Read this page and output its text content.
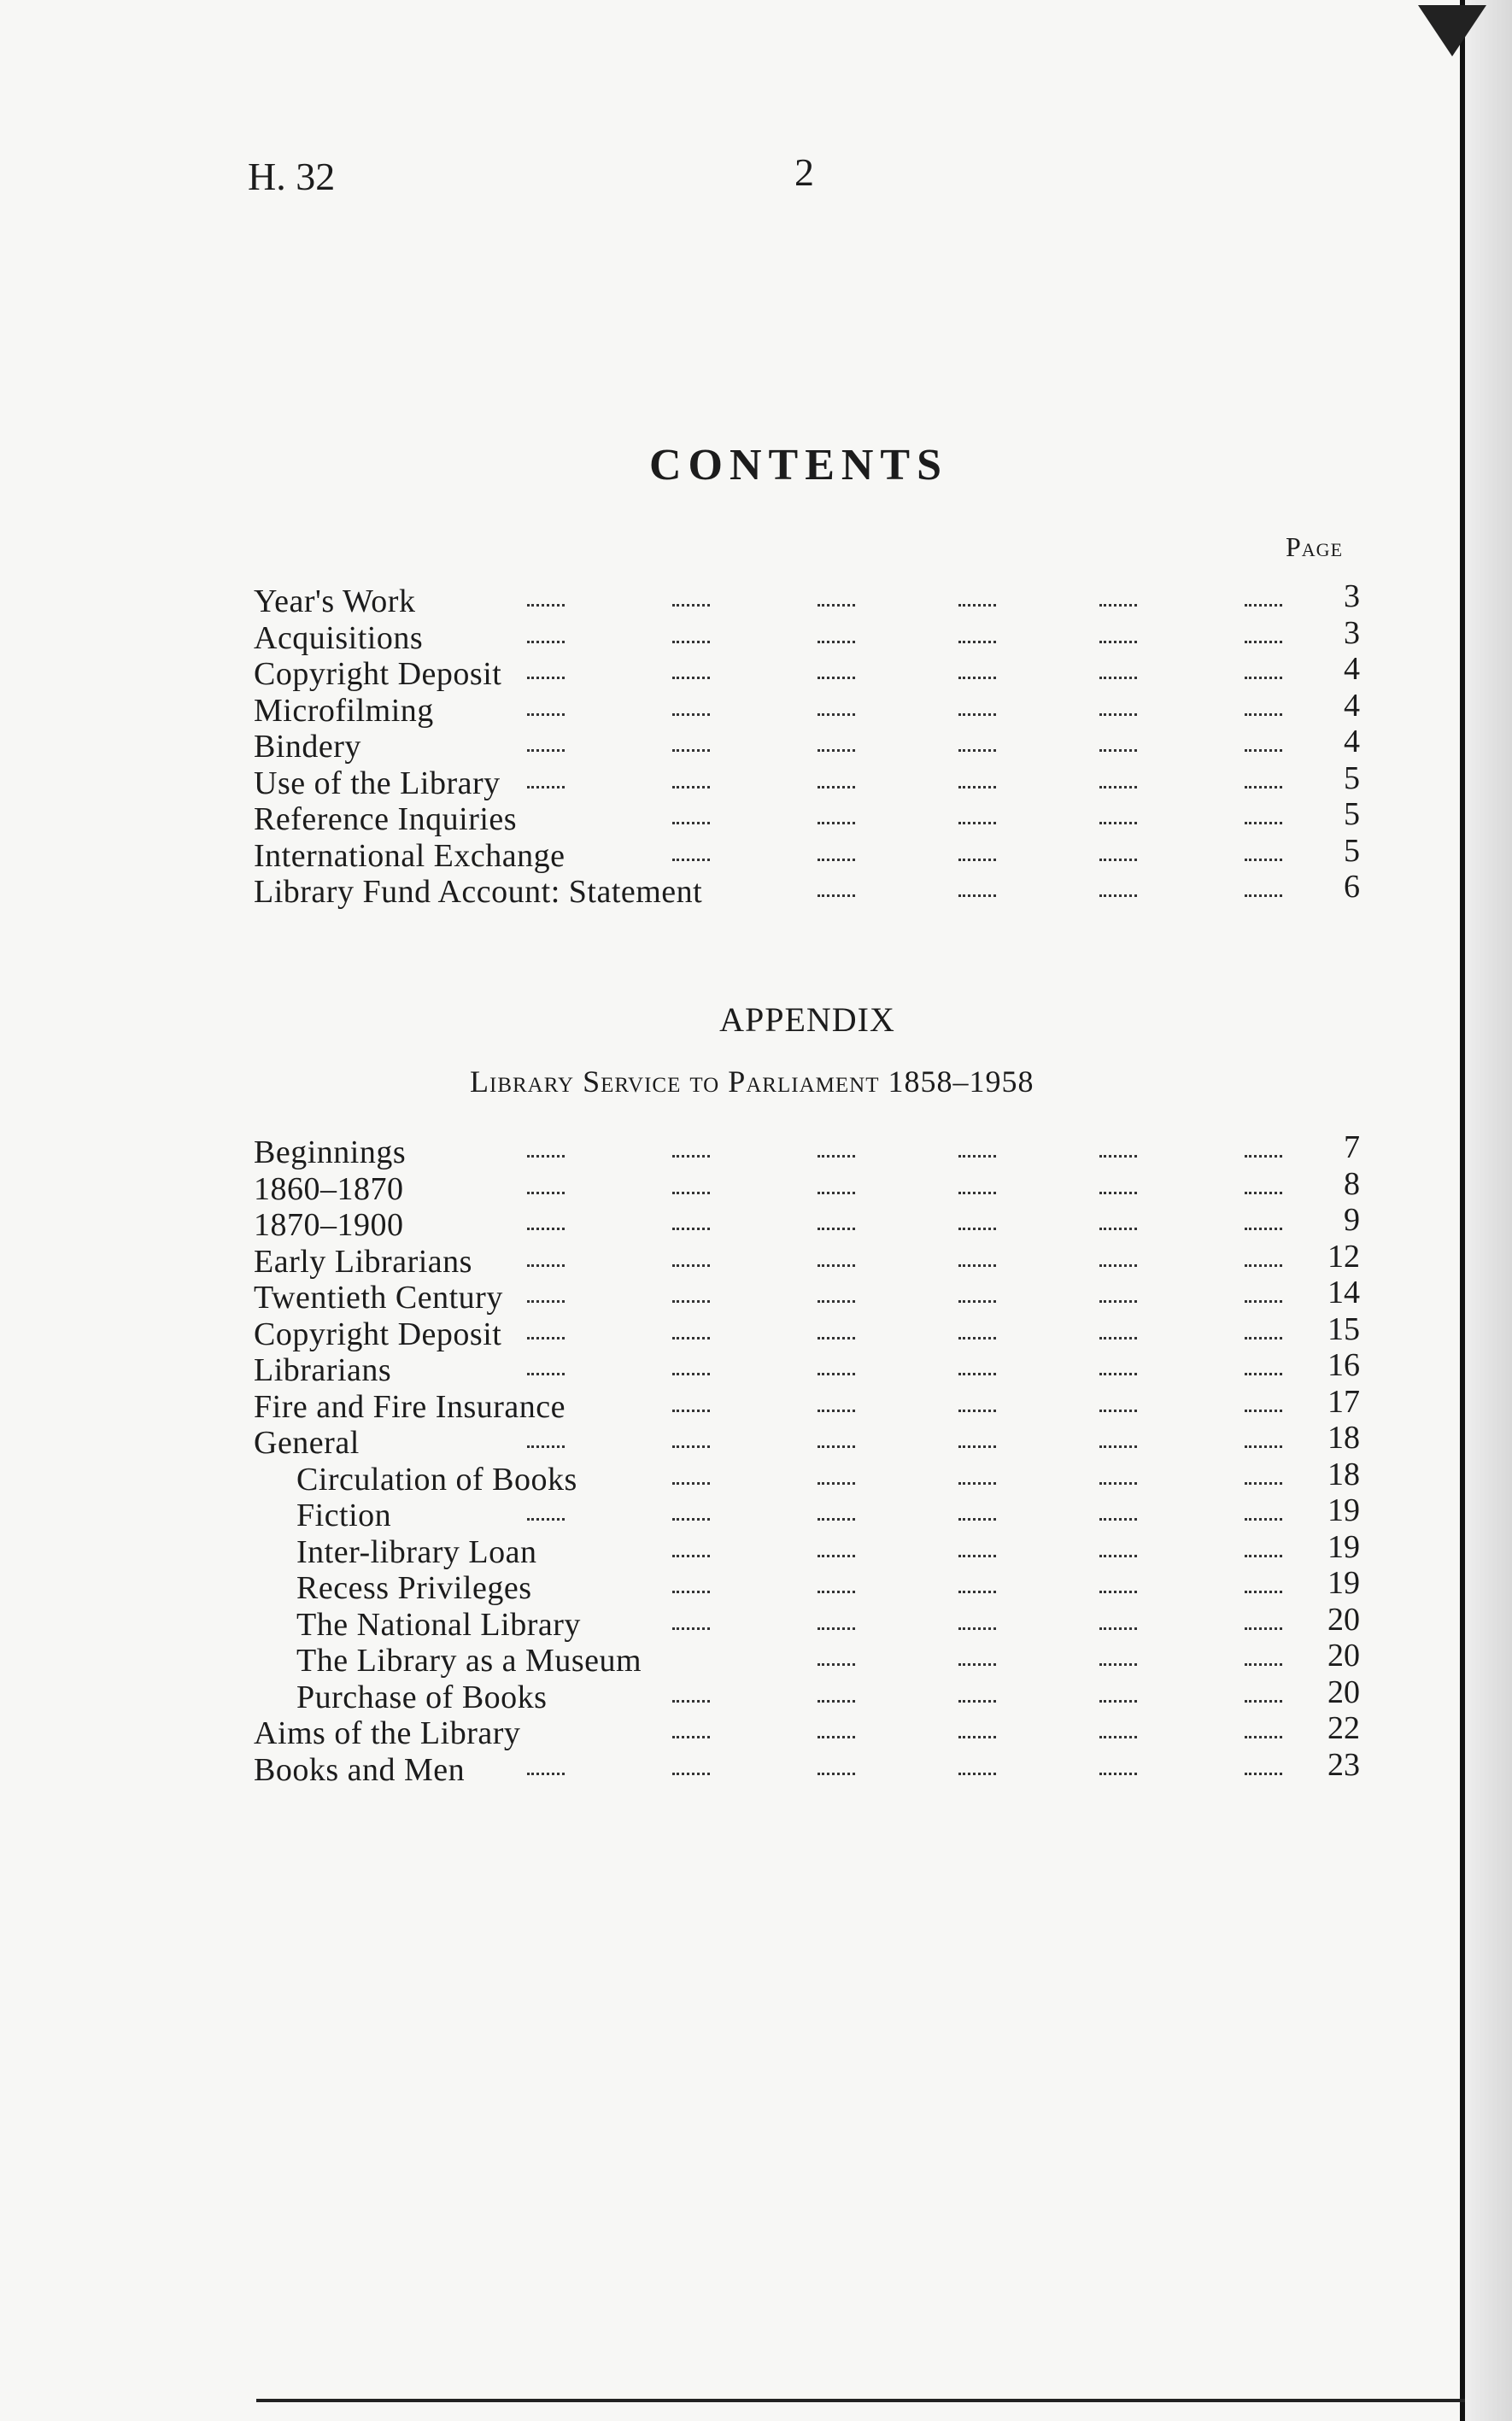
H. 32	2
CONTENTS
Page
Year's Work	3
Acquisitions	3
Copyright Deposit	4
Microfilming	4
Bindery	4
Use of the Library	5
Reference Inquiries	5
International Exchange	5
Library Fund Account: Statement	6
APPENDIX
Library Service to Parliament 1858–1958
Beginnings	7
1860–1870	8
1870–1900	9
Early Librarians	12
Twentieth Century	14
Copyright Deposit	15
Librarians	16
Fire and Fire Insurance	17
General	18
Circulation of Books	18
Fiction	19
Inter-library Loan	19
Recess Privileges	19
The National Library	20
The Library as a Museum	20
Purchase of Books	20
Aims of the Library	22
Books and Men	23
